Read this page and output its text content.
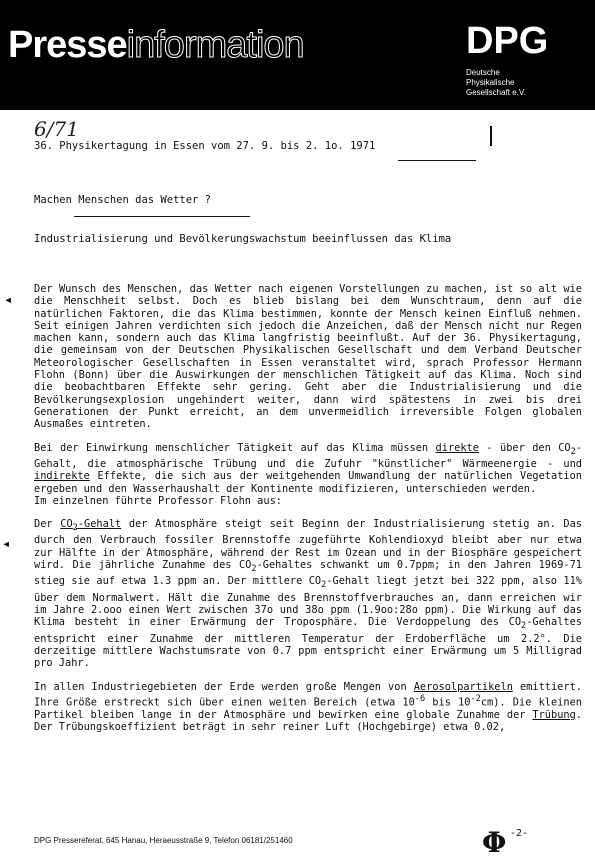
Presseinformation	DPG
Deutsche
Physikalische
Gesellschaft e.V.
6/71
36. Physikertagung in Essen vom 27. 9. bis 2. 1o. 1971
Machen Menschen das Wetter ?
Industrialisierung und Bevölkerungswachstum beeinflussen das Klima
◂
◂

Der Wunsch des Menschen, das Wetter nach eigenen Vorstellungen zu machen, ist so alt wie die Menschheit selbst. Doch es blieb bislang bei dem Wunschtraum, denn auf die natürlichen Faktoren, die das Klima bestimmen, konnte der Mensch keinen Einfluß nehmen. Seit einigen Jahren verdichten sich jedoch die Anzeichen, daß der Mensch nicht nur Regen machen kann, sondern auch das Klima langfristig beeinflußt. Auf der 36. Physikertagung, die gemeinsam von der Deutschen Physikalischen Gesellschaft und dem Verband Deutscher Meteorologischer Gesellschaften in Essen veranstaltet wird, sprach Professor Hermann Flohn (Bonn) über die Auswirkungen der menschlichen Tätigkeit auf das Klima. Noch sind die beobachtbaren Effekte sehr gering. Geht aber die Industrialisierung und die Bevölkerungsexplosion ungehindert weiter, dann wird spätestens in zwei bis drei Generationen der Punkt erreicht, an dem unvermeidlich irreversible Folgen globalen Ausmaßes eintreten.

Bei der Einwirkung menschlicher Tätigkeit auf das Klima müssen direkte - über den $CO_2$-Gehalt, die atmosphärische Trübung und die Zufuhr "künstlicher" Wärmeenergie - und indirekte Effekte, die sich aus der weitgehenden Umwandlung der natürlichen Vegetation ergeben und den Wasserhaushalt der Kontinente modifizieren, unterschieden werden.
Im einzelnen führte Professor Flohn aus:

Der $CO_2$-Gehalt der Atmosphäre steigt seit Beginn der Industrialisierung stetig an. Das durch den Verbrauch fossiler Brennstoffe zugeführte Kohlendioxyd bleibt aber nur etwa zur Hälfte in der Atmosphäre, während der Rest im Ozean und in der Biosphäre gespeichert wird. Die jährliche Zunahme des $CO_2$-Gehaltes schwankt um 0.7ppm; in den Jahren 1969-71 stieg sie auf etwa 1.3 ppm an. Der mittlere $CO_2$-Gehalt liegt jetzt bei 322 ppm, also 11% über dem Normalwert. Hält die Zunahme des Brennstoffverbrauches an, dann erreichen wir im Jahre 2.ooo einen Wert zwischen 37o und 38o ppm (1.9oo:28o ppm). Die Wirkung auf das Klima besteht in einer Erwärmung der Troposphäre. Die Verdoppelung des $CO_2$-Gehaltes entspricht einer Zunahme der mittleren Temperatur der Erdoberfläche um 2.2°. Die derzeitige mittlere Wachstumsrate von 0.7 ppm entspricht einer Erwärmung um 5 Milligrad pro Jahr.

In allen Industriegebieten der Erde werden große Mengen von Aerosolpartikeln emittiert. Ihre Größe erstreckt sich über einen weiten Bereich (etwa $10^{-6}$ bis $10^{-2}cm$). Die kleinen Partikel bleiben lange in der Atmosphäre und bewirken eine globale Zunahme der Trübung. Der Trübungskoeffizient beträgt in sehr reiner Luft (Hochgebirge) etwa 0.02,

DPG Pressereferat, 645 Hanau, Heraeusstraße 9, Telefon 06181/251460	Φ -2-
